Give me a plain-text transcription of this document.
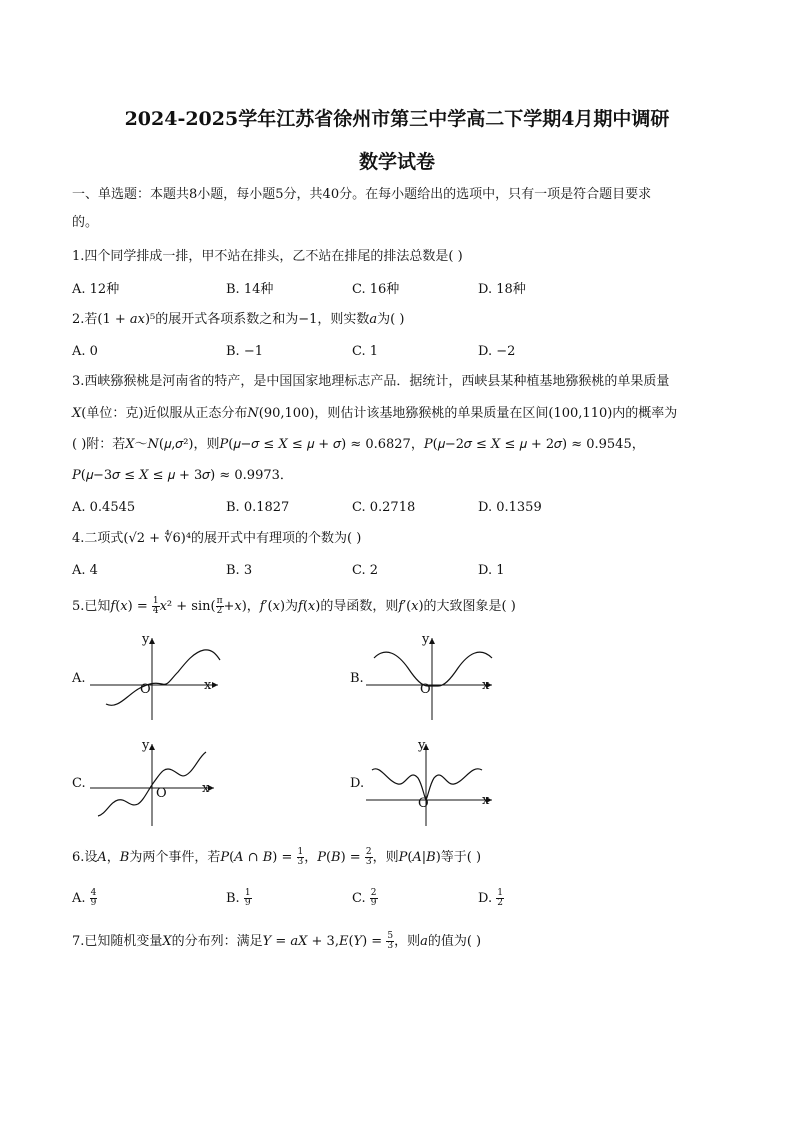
2024-2025学年江苏省徐州市第三中学高二下学期4月期中调研
数学试卷
一、单选题：本题共8小题，每小题5分，共40分。在每小题给出的选项中，只有一项是符合题目要求
的。
1.四个同学排成一排，甲不站在排头，乙不站在排尾的排法总数是( )
A. 12种	B. 14种	C. 16种	D. 18种
2.若(1 + 𝑎𝑥)⁵的展开式各项系数之和为−1，则实数𝑎为( )
A. 0	B. −1	C. 1	D. −2
3.西峡猕猴桃是河南省的特产，是中国国家地理标志产品．据统计，西峡县某种植基地猕猴桃的单果质量
𝑋(单位：克)近似服从正态分布𝑁(90,100)，则估计该基地猕猴桃的单果质量在区间(100,110)内的概率为
( )附：若𝑋～𝑁(𝜇,𝜎²)，则𝑃(𝜇−𝜎 ≤ 𝑋 ≤ 𝜇 + 𝜎) ≈ 0.6827，𝑃(𝜇−2𝜎 ≤ 𝑋 ≤ 𝜇 + 2𝜎) ≈ 0.9545，
𝑃(𝜇−3𝜎 ≤ 𝑋 ≤ 𝜇 + 3𝜎) ≈ 0.9973．
A. 0.4545	B. 0.1827	C. 0.2718	D. 0.1359
4.二项式(√2 + ∜6)⁴的展开式中有理项的个数为( )
A. 4	B. 3	C. 2	D. 1
5.已知𝑓(𝑥) = $\frac{1}{4}$ 𝑥² + $\sin( \frac{\pi}{2}$ +𝑥)，𝑓′(𝑥)为𝑓(𝑥)的导函数，则𝑓′(𝑥)的大致图象是( )
A.
y
x
O
B.
y
x
O
C.
y
x
O
D.
y
x
O
6.设𝐴，𝐵为两个事件，若𝑃(𝐴 ∩ 𝐵) = $\frac{1}{3}$ ，𝑃(𝐵) = $\frac{2}{3}$ ，则𝑃(𝐴|𝐵)等于( )
A. $\frac{4}{9}$	B. $\frac{1}{9}$	C. $\frac{2}{9}$	D. $\frac{1}{2}$
7.已知随机变量𝑋的分布列：满足𝑌 = 𝑎𝑋 + 3,𝐸(𝑌) = $\frac{5}{3}$ ，则𝑎的值为( )
